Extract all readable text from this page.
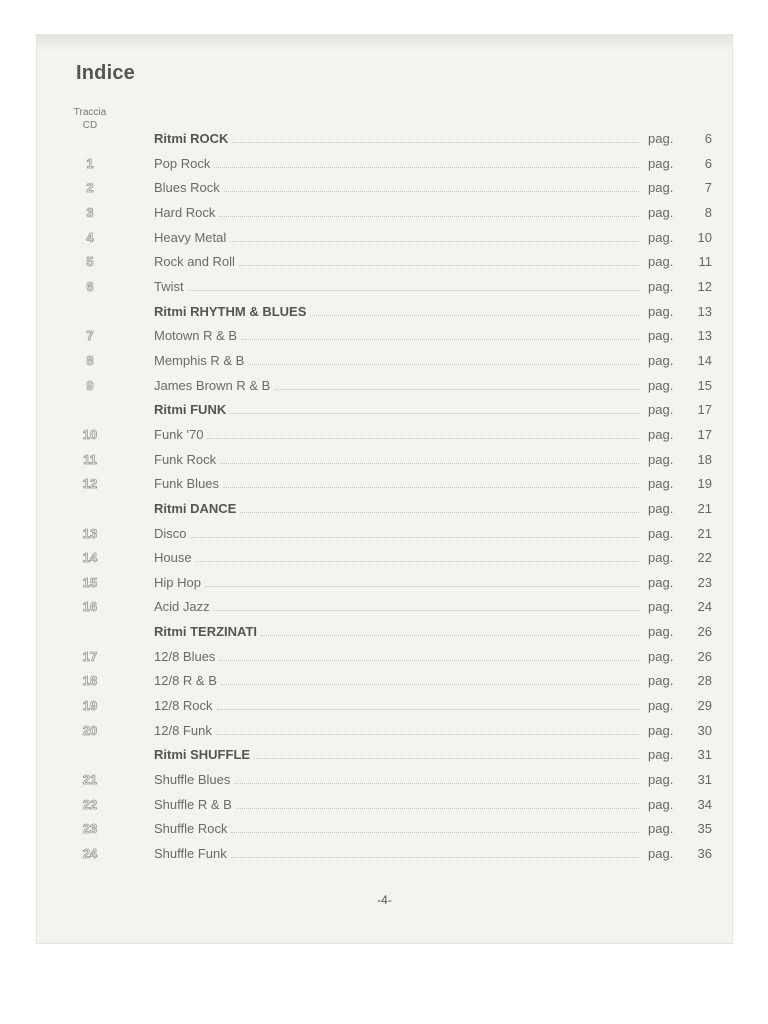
Indice
Traccia
CD
Ritmi ROCK	pag.	6
1	Pop Rock	pag.	6
2	Blues Rock	pag.	7
3	Hard Rock	pag.	8
4	Heavy Metal	pag.	10
5	Rock and Roll	pag.	11
6	Twist	pag.	12
Ritmi RHYTHM & BLUES	pag.	13
7	Motown R & B	pag.	13
8	Memphis R & B	pag.	14
9	James Brown R & B	pag.	15
Ritmi FUNK	pag.	17
10	Funk '70	pag.	17
11	Funk Rock	pag.	18
12	Funk Blues	pag.	19
Ritmi DANCE	pag.	21
13	Disco	pag.	21
14	House	pag.	22
15	Hip Hop	pag.	23
16	Acid Jazz	pag.	24
Ritmi TERZINATI	pag.	26
17	12/8 Blues	pag.	26
18	12/8 R & B	pag.	28
19	12/8 Rock	pag.	29
20	12/8 Funk	pag.	30
Ritmi SHUFFLE	pag.	31
21	Shuffle Blues	pag.	31
22	Shuffle R & B	pag.	34
23	Shuffle Rock	pag.	35
24	Shuffle Funk	pag.	36
-4-
